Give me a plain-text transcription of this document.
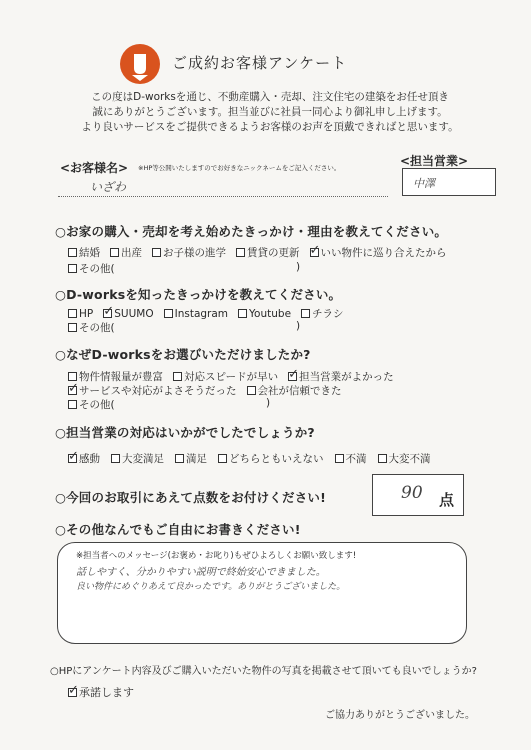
ご成約お客様アンケート
この度はD-worksを通じ、不動産購入・売却、注文住宅の建築をお任せ頂き
誠にありがとうございます。担当並びに社員一同心より御礼申し上げます。
より良いサービスをご提供できるようお客様のお声を頂戴できればと思います。
<お客様名> ※HP等公開いたしますのでお好きなニックネームをご記入ください。
いざわ
<担当営業>
中澤
○お家の購入・売却を考え始めたきっかけ・理由を教えてください。
結婚	出産	お子様の進学	賃貸の更新 ✓	いい物件に巡り合えたから
その他(	)
○D-worksを知ったきっかけを教えてください。
HP ✓	SUUMO	Instagram	Youtube	チラシ
その他(	)
○なぜD-worksをお選びいただけましたか?
物件情報量が豊富	対応スピードが早い ✓	担当営業がよかった
✓サービスや対応がよさそうだった	会社が信頼できた
その他(	)
○担当営業の対応はいかがでしたでしょうか?
✓感動	大変満足	満足	どちらともいえない	不満	大変不満
○今回のお取引にあえて点数をお付けください!	90 点
○その他なんでもご自由にお書きください!
※担当者へのメッセージ(お褒め・お叱り)もぜひよろしくお願い致します!
話しやすく、分かりやすい説明で終始安心できました。
良い物件にめぐりあえて良かったです。ありがとうございました。
○HPにアンケート内容及びご購入いただいた物件の写真を掲載させて頂いても良いでしょうか?
✓承諾します
ご協力ありがとうございました。
